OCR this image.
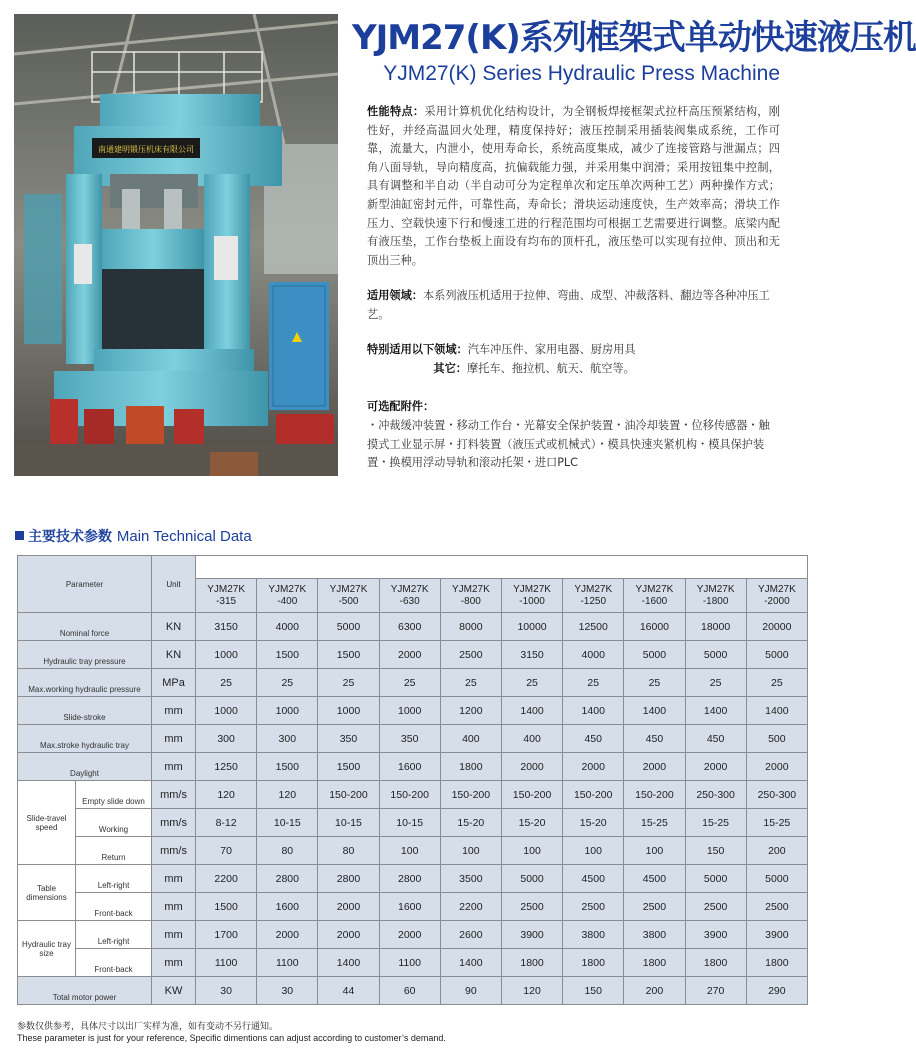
南通建明锻压机床有限公司
YJM27(K)系列框架式单动快速液压机
YJM27(K) Series Hydraulic Press Machine
性能特点：采用计算机优化结构设计，为全钢板焊接框架式拉杆高压预紧结构，刚性好，并经高温回火处理，精度保持好；液压控制采用插装阀集成系统，工作可靠，流量大，内泄小，使用寿命长，系统高度集成，减少了连接管路与泄漏点；四角八面导轨，导向精度高，抗偏载能力强，并采用集中润滑；采用按钮集中控制，具有调整和半自动（半自动可分为定程单次和定压单次两种工艺）两种操作方式；新型油缸密封元件，可靠性高，寿命长；滑块运动速度快，生产效率高；滑块工作压力、空载快速下行和慢速工进的行程范围均可根据工艺需要进行调整。底梁内配有液压垫，工作台垫板上面设有均布的顶杆孔，液压垫可以实现有拉伸、顶出和无顶出三种。
适用领域：本系列液压机适用于拉伸、弯曲、成型、冲裁落料、翻边等各种冲压工艺。
特别适用以下领域：汽车冲压件、家用电器、厨房用具
其它：摩托车、拖拉机、航天、航空等。
可选配附件：
・冲裁缓冲装置・移动工作台・光幕安全保护装置・油冷却装置・位移传感器・触摸式工业显示屏・打料装置（液压式或机械式）・模具快速夹紧机构・模具保护装置・换模用浮动导轨和滚动托架・进口PLC
主要技术参数 Main Technical Data
Parameter		Unit										
			YJM27K -315	YJM27K -400	YJM27K -500	YJM27K -630	YJM27K -800	YJM27K -1000	YJM27K -1250	YJM27K -1600	YJM27K -1800	YJM27K -2000
Nominal force		KN	3150	4000	5000	6300	8000	10000	12500	16000	18000	20000
Hydraulic tray pressure		KN	1000	1500	1500	2000	2500	3150	4000	5000	5000	5000
Max.working hydraulic pressure		MPa	25	25	25	25	25	25	25	25	25	25
Slide-stroke		mm	1000	1000	1000	1000	1200	1400	1400	1400	1400	1400
Max.stroke hydraulic tray		mm	300	300	350	350	400	400	450	450	450	500
Daylight		mm	1250	1500	1500	1600	1800	2000	2000	2000	2000	2000
Slide-travel speed	Empty slide down	mm/s	120	120	150-200	150-200	150-200	150-200	150-200	150-200	250-300	250-300
	Working	mm/s	8-12	10-15	10-15	10-15	15-20	15-20	15-20	15-25	15-25	15-25
	Return	mm/s	70	80	80	100	100	100	100	100	150	200
Table dimensions	Left-right	mm	2200	2800	2800	2800	3500	5000	4500	4500	5000	5000
	Front-back	mm	1500	1600	2000	1600	2200	2500	2500	2500	2500	2500
Hydraulic tray size	Left-right	mm	1700	2000	2000	2000	2600	3900	3800	3800	3900	3900
	Front-back	mm	1100	1100	1400	1100	1400	1800	1800	1800	1800	1800
Total motor power		KW	30	30	44	60	90	120	150	200	270	290
参数仅供参考，具体尺寸以出厂实样为准，如有变动不另行通知。
These parameter is just for your reference, Specific dimentions can adjust according to customer’s demand.
